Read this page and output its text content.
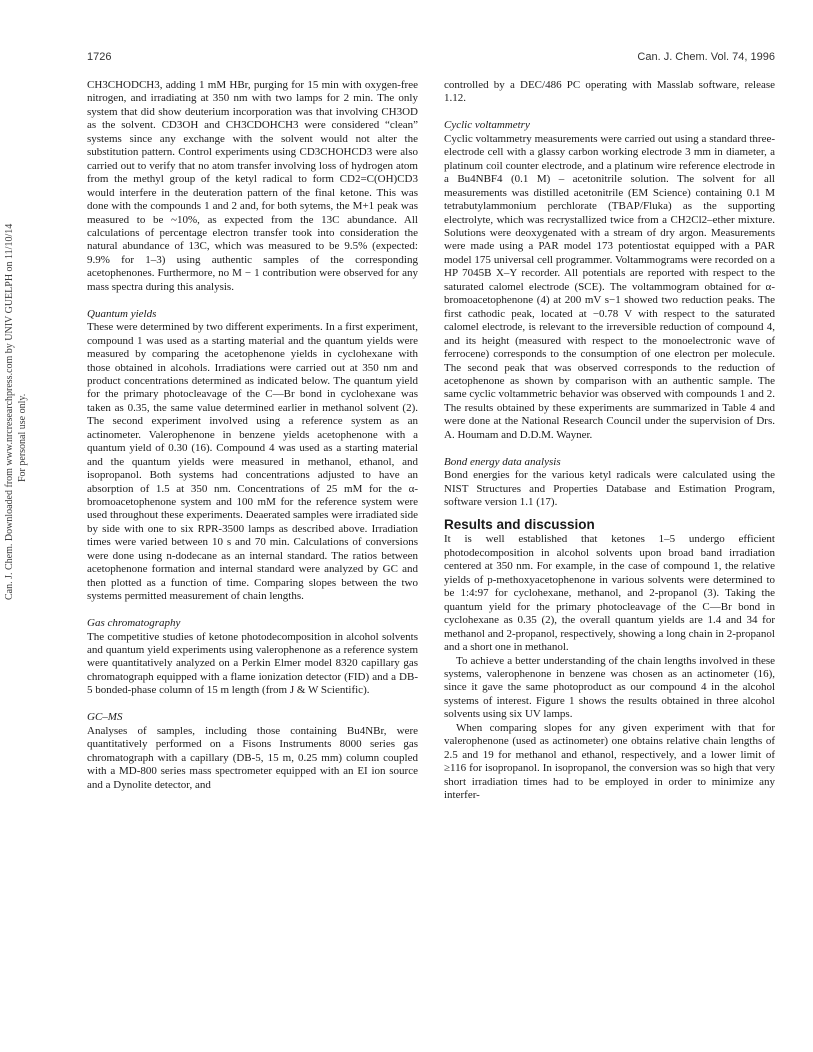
Can. J. Chem. Downloaded from www.nrcresearchpress.com by UNIV GUELPH on 11/10/14 For personal use only.
1726	Can. J. Chem. Vol. 74, 1996

CH3CHODCH3, adding 1 mM HBr, purging for 15 min with oxygen-free nitrogen, and irradiating at 350 nm with two lamps for 2 min. The only system that did show deuterium incorporation was that involving CH3OD as the solvent. CD3OH and CH3CDOHCH3 were considered “clean” systems since any exchange with the solvent would not alter the substitution pattern. Control experiments using CD3CHOHCD3 were also carried out to verify that no atom transfer involving loss of hydrogen atom from the methyl group of the ketyl radical to form CD2=C(OH)CD3 would interfere in the deuteration pattern of the final ketone. This was done with the compounds 1 and 2 and, for both sytems, the M+1 peak was measured to be ~10%, as expected from the 13C abundance. All calculations of percentage electron transfer took into consideration the natural abundance of 13C, which was measured to be 9.5% (expected: 9.9% for 1–3) using authentic samples of the corresponding acetophenones. Furthermore, no M − 1 contribution were observed for any mass spectra during this analysis.

Quantum yields

These were determined by two different experiments. In a first experiment, compound 1 was used as a starting material and the quantum yields were measured by comparing the acetophenone yields in cyclohexane with those obtained in alcohols. Irradiations were carried out at 350 nm and product concentrations determined as indicated below. The quantum yield for the primary photocleavage of the C—Br bond in cyclohexane was taken as 0.35, the same value determined earlier in methanol solvent (2). The second experiment involved using a reference system as an actinometer. Valerophenone in benzene yields acetophenone with a quantum yield of 0.30 (16). Compound 4 was used as a starting material and the quantum yields were measured in methanol, ethanol, and isopropanol. Both systems had concentrations adjusted to have an absorption of 1.5 at 350 nm. Concentrations of 25 mM for the α-bromoacetophenone system and 100 mM for the reference system were used throughout these experiments. Deaerated samples were irradiated side by side with one to six RPR-3500 lamps as described above. Irradiation times were varied between 10 s and 70 min. Calculations of conversions were done using n-dodecane as an internal standard. The ratios between acetophenone formation and internal standard were analyzed by GC and then plotted as a function of time. Comparing slopes between the two systems permitted measurement of chain lengths.

Gas chromatography

The competitive studies of ketone photodecomposition in alcohol solvents and quantum yield experiments using valerophenone as a reference system were quantitatively analyzed on a Perkin Elmer model 8320 capillary gas chromatograph equipped with a flame ionization detector (FID) and a DB-5 bonded-phase column of 15 m length (from J & W Scientific).

GC–MS

Analyses of samples, including those containing Bu4NBr, were quantitatively performed on a Fisons Instruments 8000 series gas chromatograph with a capillary (DB-5, 15 m, 0.25 mm) column coupled with a MD-800 series mass spectrometer equipped with an EI ion source and a Dynolite detector, and

controlled by a DEC/486 PC operating with Masslab software, release 1.12.

Cyclic voltammetry

Cyclic voltammetry measurements were carried out using a standard three-electrode cell with a glassy carbon working electrode 3 mm in diameter, a platinum coil counter electrode, and a platinum wire reference electrode in a Bu4NBF4 (0.1 M) – acetonitrile solution. The solvent for all measurements was distilled acetonitrile (EM Science) containing 0.1 M tetrabutylammonium perchlorate (TBAP/Fluka) as the supporting electrolyte, which was recrystallized twice from a CH2Cl2–ether mixture. Solutions were deoxygenated with a stream of dry argon. Measurements were made using a PAR model 173 potentiostat equipped with a PAR model 175 universal cell programmer. Voltammograms were recorded on a HP 7045B X–Y recorder. All potentials are reported with respect to the saturated calomel electrode (SCE). The voltammogram obtained for α-bromoacetophenone (4) at 200 mV s−1 showed two reduction peaks. The first cathodic peak, located at −0.78 V with respect to the saturated calomel electrode, is relevant to the irreversible reduction of compound 4, and its height (measured with respect to the monoelectronic wave of ferrocene) corresponds to the consumption of one electron per molecule. The second peak that was observed corresponds to the reduction of acetophenone as shown by comparison with an authentic sample. The same cyclic voltammetric behavior was observed with compounds 1 and 2. The results obtained by these experiments are summarized in Table 4 and were done at the National Research Council under the supervision of Drs. A. Houmam and D.D.M. Wayner.

Bond energy data analysis

Bond energies for the various ketyl radicals were calculated using the NIST Structures and Properties Database and Estimation Program, software version 1.1 (17).

Results and discussion

It is well established that ketones 1–5 undergo efficient photodecomposition in alcohol solvents upon broad band irradiation centered at 350 nm. For example, in the case of compound 1, the relative yields of p-methoxyacetophenone in various solvents were determined to be 1:4:97 for cyclohexane, methanol, and 2-propanol (3). Taking the quantum yield for the primary photocleavage of the C—Br bond in cyclohexane as 0.35 (2), the overall quantum yields are 1.4 and 34 for methanol and 2-propanol, respectively, showing a long chain in 2-propanol and a short one in methanol.

To achieve a better understanding of the chain lengths involved in these systems, valerophenone in benzene was chosen as an actinometer (16), since it gave the same photoproduct as our compound 4 in the alcohol systems of interest. Figure 1 shows the results obtained in three alcohol solvents using six UV lamps.

When comparing slopes for any given experiment with that for valerophenone (used as actinometer) one obtains relative chain lengths of 2.5 and 19 for methanol and ethanol, respectively, and a lower limit of ≥116 for isopropanol. In isopropanol, the conversion was so high that very short irradiation times had to be employed in order to minimize any interfer-
